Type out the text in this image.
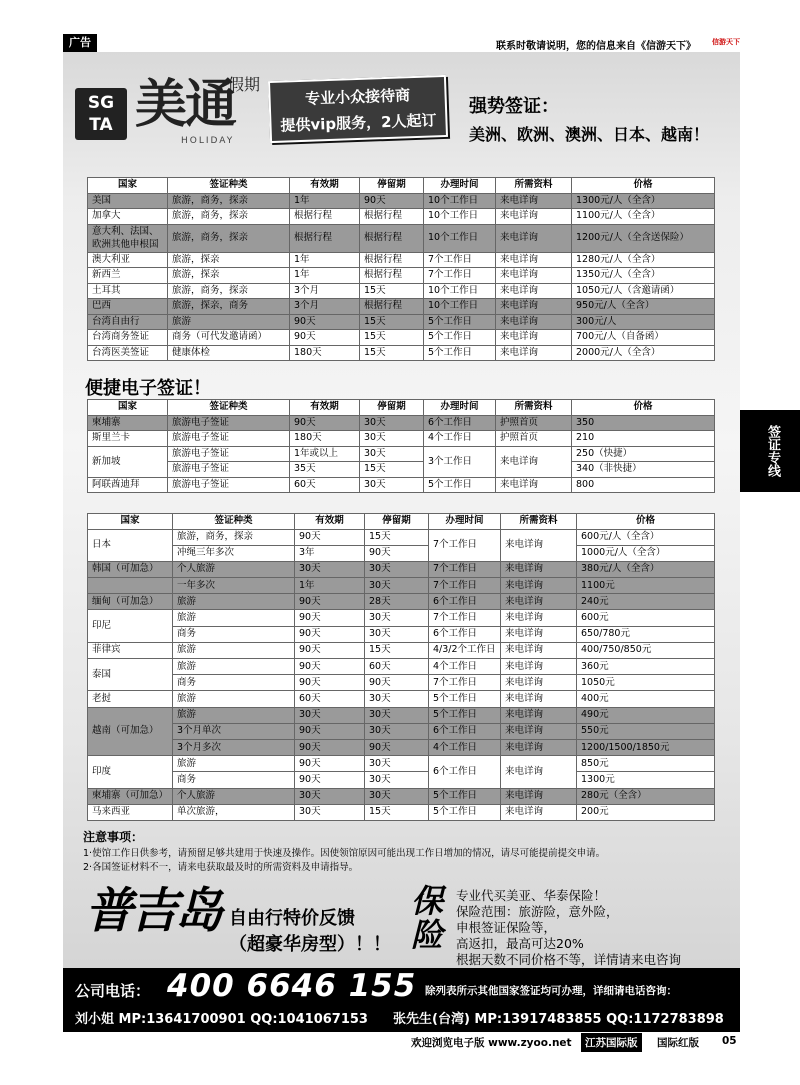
广告	联系时敬请说明，您的信息来自《信游天下》 信游天下
SG
TA 美通
假期
HOLIDAY
专业小众接待商
提供vip服务，2人起订
强势签证：
美洲、欧洲、澳洲、日本、越南！
国家	签证种类	有效期	停留期	办理时间	所需资料	价格
美国	旅游，商务，探亲	1年	90天	10个工作日	来电详询	1300元/人（全含）
加拿大	旅游，商务，探亲	根据行程	根据行程	10个工作日	来电详询	1100元/人（全含）
意大利、法国、欧洲其他申根国	旅游，商务，探亲	根据行程	根据行程	10个工作日	来电详询	1200元/人（全含送保险）
澳大利亚	旅游，探亲	1年	根据行程	7个工作日	来电详询	1280元/人（全含）
新西兰	旅游，探亲	1年	根据行程	7个工作日	来电详询	1350元/人（全含）
土耳其	旅游，商务，探亲	3个月	15天	10个工作日	来电详询	1050元/人（含邀请函）
巴西	旅游，探亲，商务	3个月	根据行程	10个工作日	来电详询	950元/人（全含）
台湾自由行	旅游	90天	15天	5个工作日	来电详询	300元/人
台湾商务签证	商务（可代发邀请函）	90天	15天	5个工作日	来电详询	700元/人（自备函）
台湾医美签证	健康体检	180天	15天	5个工作日	来电详询	2000元/人（全含）
便捷电子签证！
国家	签证种类	有效期	停留期	办理时间	所需资料	价格
柬埔寨	旅游电子签证	90天	30天	6个工作日	护照首页	350
斯里兰卡	旅游电子签证	180天	30天	4个工作日	护照首页	210
新加坡	旅游电子签证	1年或以上	30天	3个工作日	来电详询	250（快捷）
	旅游电子签证	35天	15天			340（非快捷）
阿联酋迪拜	旅游电子签证	60天	30天	5个工作日	来电详询	800
国家	签证种类	有效期	停留期	办理时间	所需资料	价格
日本	旅游，商务，探亲	90天	15天	7个工作日	来电详询	600元/人（全含）
	冲绳三年多次	3年	90天			1000元/人（全含）
韩国（可加急）	个人旅游	30天	30天	7个工作日	来电详询	380元/人（全含）
	一年多次	1年	30天	7个工作日	来电详询	1100元
缅甸（可加急）	旅游	90天	28天	6个工作日	来电详询	240元
印尼	旅游	90天	30天	7个工作日	来电详询	600元
	商务	90天	30天	6个工作日	来电详询	650/780元
菲律宾	旅游	90天	15天	4/3/2个工作日	来电详询	400/750/850元
泰国	旅游	90天	60天	4个工作日	来电详询	360元
	商务	90天	90天	7个工作日	来电详询	1050元
老挝	旅游	60天	30天	5个工作日	来电详询	400元
越南（可加急）	旅游	30天	30天	5个工作日	来电详询	490元
	3个月单次	90天	30天	6个工作日	来电详询	550元
	3个月多次	90天	90天	4个工作日	来电详询	1200/1500/1850元
印度	旅游	90天	30天	6个工作日	来电详询	850元
	商务	90天	30天			1300元
柬埔寨（可加急）	个人旅游	30天	30天	5个工作日	来电详询	280元（全含）
马来西亚	单次旅游，	30天	15天	5个工作日	来电详询	200元
注意事项：
1·使馆工作日供参考，请预留足够共建用于快速及操作。因使领馆原因可能出现工作日增加的情况，请尽可能提前提交申请。
2·各国签证材料不一，请来电获取最及时的所需资料及申请指导。
普吉岛 自由行特价反馈
（超豪华房型）！！
保险
专业代买美亚、华泰保险！
保险范围：旅游险，意外险，
申根签证保险等，
高返扣，最高可达20%
根据天数不同价格不等，详情请来电咨询
公司电话： 400 6646 155 除列表所示其他国家签证均可办理，详细请电话咨询：
刘小姐 MP:13641700901 QQ:1041067153 张先生(台湾) MP:13917483855 QQ:1172783898
签证专线
欢迎浏览电子版 www.zyoo.net	江苏国际版	国际红版 05
